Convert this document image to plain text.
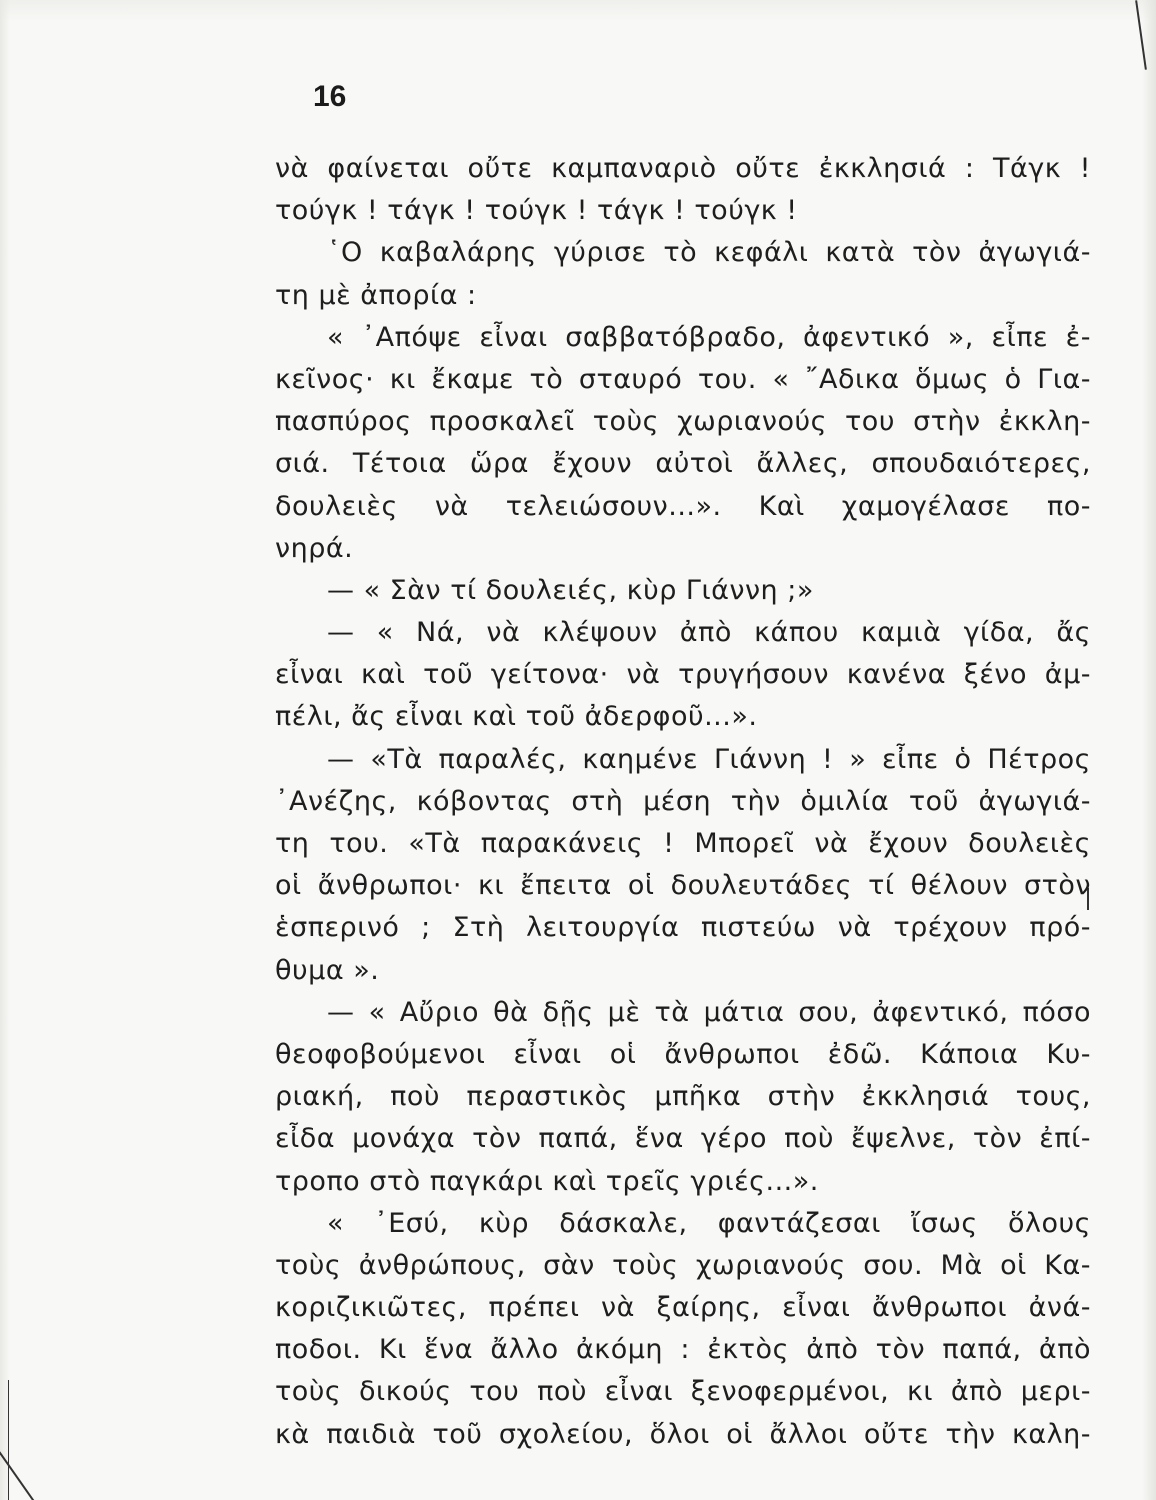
16
νὰ φαίνεται οὔτε καμπαναριὸ οὔτε ἐκκλησιά : Τάγκ !
τούγκ ! τάγκ ! τούγκ ! τάγκ ! τούγκ !
῾Ο καβαλάρης γύρισε τὸ κεφάλι κατὰ τὸν ἀγωγιά-
τη μὲ ἀπορία :
« ᾿Απόψε εἶναι σαββατόβραδο, ἀφεντικό », εἶπε ἐ-
κεῖνος· κι ἔκαμε τὸ σταυρό του. « ῎Αδικα ὅμως ὁ Για-
πασπύρος προσκαλεῖ τοὺς χωριανούς του στὴν ἐκκλη-
σιά. Τέτοια ὥρα ἔχουν αὐτοὶ ἄλλες, σπουδαιότερες,
δουλειὲς νὰ τελειώσουν...». Καὶ χαμογέλασε πο-
νηρά.
— « Σὰν τί δουλειές, κὺρ Γιάννη ;»
— « Νά, νὰ κλέψουν ἀπὸ κάπου καμιὰ γίδα, ἄς
εἶναι καὶ τοῦ γείτονα· νὰ τρυγήσουν κανένα ξένο ἀμ-
πέλι, ἄς εἶναι καὶ τοῦ ἀδερφοῦ...».
— «Τὰ παραλές, καημένε Γιάννη ! » εἶπε ὁ Πέτρος
᾿Ανέζης, κόβοντας στὴ μέση τὴν ὁμιλία τοῦ ἀγωγιά-
τη του. «Τὰ παρακάνεις ! Μπορεῖ νὰ ἔχουν δουλειὲς
οἱ ἄνθρωποι· κι ἔπειτα οἱ δουλευτάδες τί θέλουν στὸν
ἑσπερινό ; Στὴ λειτουργία πιστεύω νὰ τρέχουν πρό-
θυμα ».
— « Αὔριο θὰ δῇς μὲ τὰ μάτια σου, ἀφεντικό, πόσο
θεοφοβούμενοι εἶναι οἱ ἄνθρωποι ἐδῶ. Κάποια Κυ-
ριακή, ποὺ περαστικὸς μπῆκα στὴν ἐκκλησιά τους,
εἶδα μονάχα τὸν παπά, ἕνα γέρο ποὺ ἔψελνε, τὸν ἐπί-
τροπο στὸ παγκάρι καὶ τρεῖς γριές...».
« ᾿Εσύ, κὺρ δάσκαλε, φαντάζεσαι ἴσως ὅλους
τοὺς ἀνθρώπους, σὰν τοὺς χωριανούς σου. Μὰ οἱ Κα-
κοριζικιῶτες, πρέπει νὰ ξαίρης, εἶναι ἄνθρωποι ἀνά-
ποδοι. Κι ἕνα ἄλλο ἀκόμη : ἐκτὸς ἀπὸ τὸν παπά, ἀπὸ
τοὺς δικούς του ποὺ εἶναι ξενοφερμένοι, κι ἀπὸ μερι-
κὰ παιδιὰ τοῦ σχολείου, ὅλοι οἱ ἄλλοι οὔτε τὴν καλη-
